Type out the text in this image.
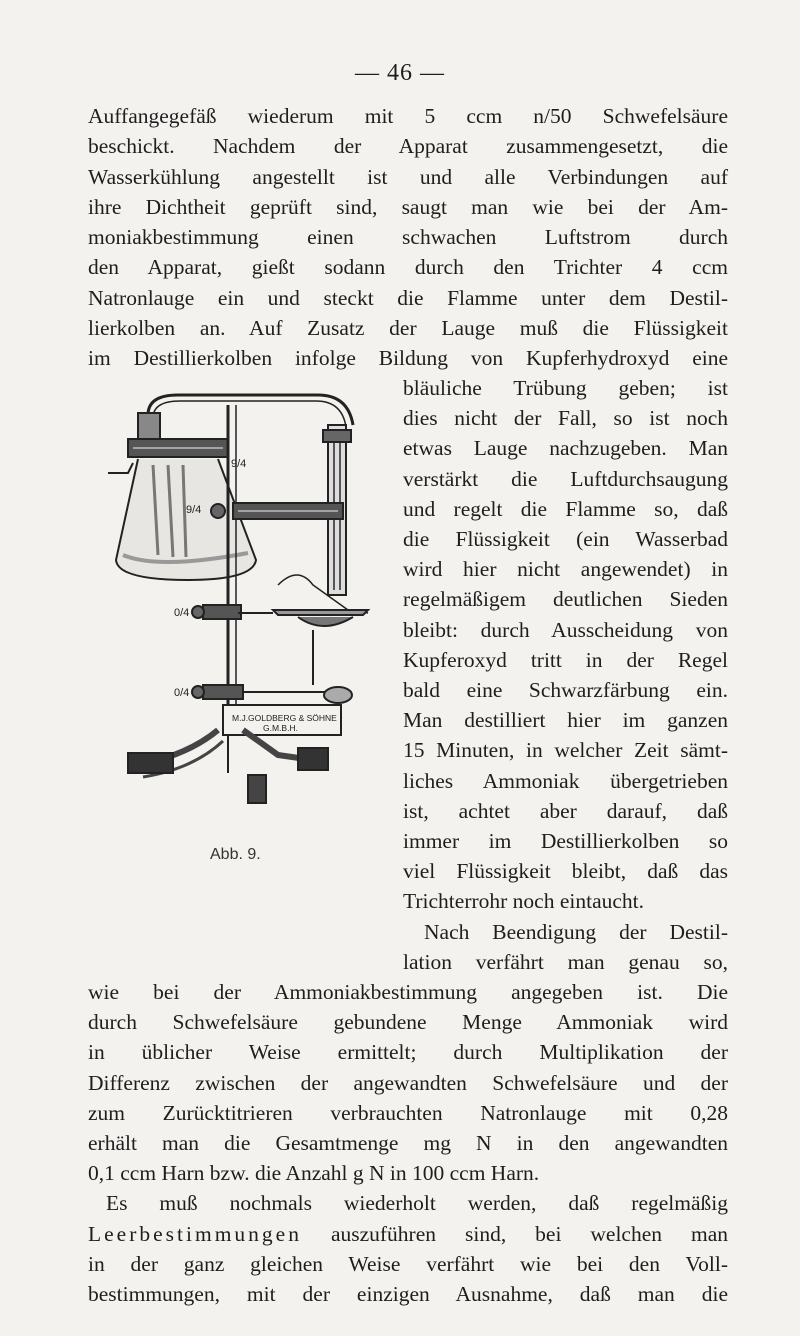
— 46 —
Auffangegefäß wiederum mit 5 ccm n/50 Schwefelsäure
beschickt. Nachdem der Apparat zusammengesetzt, die
Wasserkühlung angestellt ist und alle Verbindungen auf
ihre Dichtheit geprüft sind, saugt man wie bei der Am-
moniakbestimmung einen schwachen Luftstrom durch
den Apparat, gießt sodann durch den Trichter 4 ccm
Natronlauge ein und steckt die Flamme unter dem Destil-
lierkolben an. Auf Zusatz der Lauge muß die Flüssigkeit
im Destillierkolben infolge Bildung von Kupferhydroxyd eine
bläuliche Trübung geben; ist
dies nicht der Fall, so ist noch
etwas Lauge nachzugeben. Man
verstärkt die Luftdurchsaugung
und regelt die Flamme so, daß
die Flüssigkeit (ein Wasserbad
wird hier nicht angewendet) in
regelmäßigem deutlichen Sieden
bleibt: durch Ausscheidung von
Kupferoxyd tritt in der Regel
bald eine Schwarzfärbung ein.
Man destilliert hier im ganzen
15 Minuten, in welcher Zeit sämt-
liches Ammoniak übergetrieben
ist, achtet aber darauf, daß
immer im Destillierkolben so
viel Flüssigkeit bleibt, daß das
Trichterrohr noch eintaucht.
Nach Beendigung der Destil-
lation verfährt man genau so,
wie bei der Ammoniakbestimmung angegeben ist. Die
durch Schwefelsäure gebundene Menge Ammoniak wird
in üblicher Weise ermittelt; durch Multiplikation der
Differenz zwischen der angewandten Schwefelsäure und der
zum Zurücktitrieren verbrauchten Natronlauge mit 0,28
erhält man die Gesamtmenge mg N in den angewandten
0,1 ccm Harn bzw. die Anzahl g N in 100 ccm Harn.
Es muß nochmals wiederholt werden, daß regelmäßig
Leerbestimmungen auszuführen sind, bei welchen man
in der ganz gleichen Weise verfährt wie bei den Voll-
bestimmungen, mit der einzigen Ausnahme, daß man die
9/4
9/4
0/4
0/4
M.J.GOLDBERG & SÖHNE
G.M.B.H.
Abb. 9.
